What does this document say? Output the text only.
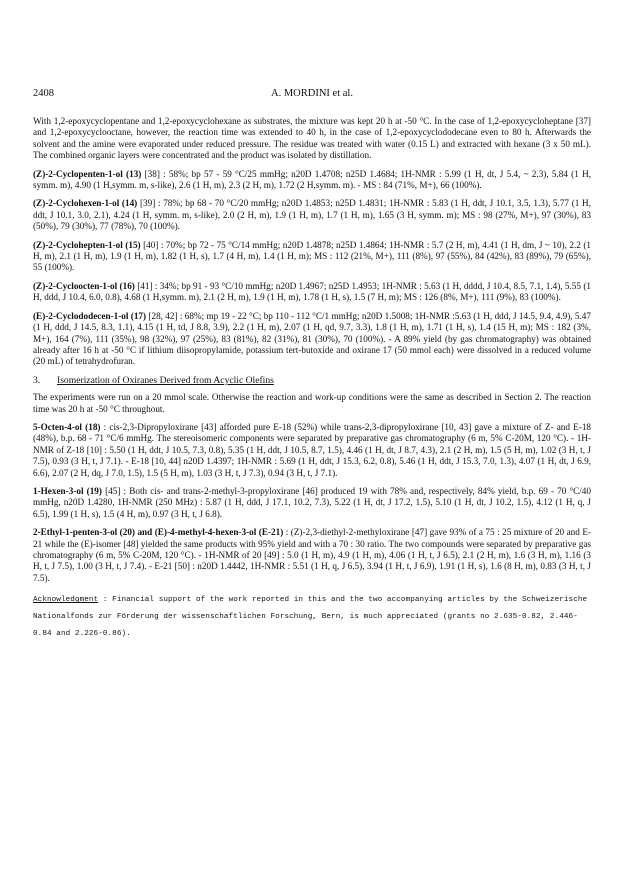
2408	A. MORDINI et al.

With 1,2-epoxycyclopentane and 1,2-epoxycyclohexane as substrates, the mixture was kept 20 h at -50 °C. In the case of 1,2-epoxycycloheptane [37] and 1,2-epoxycyclooctane, however, the reaction time was extended to 40 h, in the case of 1,2-epoxycyclododecane even to 80 h. Afterwards the solvent and the amine were evaporated under reduced pressure. The residue was treated with water (0.15 L) and extracted with hexane (3 x 50 mL). The combined organic layers were concentrated and the product was isolated by distillation.

(Z)-2-Cyclopenten-1-ol (13) [38] : 58%; bp 57 - 59 °C/25 mmHg; n20D 1.4708; n25D 1.4684; 1H-NMR : 5.99 (1 H, dt, J 5.4, ~ 2.3), 5.84 (1 H, symm. m), 4.90 (1 H,symm. m, s-like), 2.6 (1 H, m), 2.3 (2 H, m), 1.72 (2 H,symm. m). - MS : 84 (71%, M+), 66 (100%).

(Z)-2-Cyclohexen-1-ol (14) [39] : 78%; bp 68 - 70 °C/20 mmHg; n20D 1.4853; n25D 1.4831; 1H-NMR : 5.83 (1 H, ddt, J 10.1, 3.5, 1.3), 5.77 (1 H, ddt, J 10.1, 3.0, 2.1), 4.24 (1 H, symm. m, s-like), 2.0 (2 H, m), 1.9 (1 H, m), 1.7 (1 H, m), 1.65 (3 H, symm. m); MS : 98 (27%, M+), 97 (30%), 83 (50%), 79 (30%), 77 (78%), 70 (100%).

(Z)-2-Cyclohepten-1-ol (15) [40] : 70%; bp 72 - 75 °C/14 mmHg; n20D 1.4878; n25D 1.4864; 1H-NMR : 5.7 (2 H, m), 4.41 (1 H, dm, J ~ 10), 2.2 (1 H, m), 2.1 (1 H, m), 1.9 (1 H, m), 1.82 (1 H, s), 1.7 (4 H, m), 1.4 (1 H, m); MS : 112 (21%, M+), 111 (8%), 97 (55%), 84 (42%), 83 (89%), 79 (65%), 55 (100%).

(Z)-2-Cycloocten-1-ol (16) [41] : 34%; bp 91 - 93 °C/10 mmHg; n20D 1.4967; n25D 1.4953; 1H-NMR : 5.63 (1 H, dddd, J 10.4, 8.5, 7.1, 1.4), 5.55 (1 H, ddd, J 10.4, 6.0, 0.8), 4.68 (1 H,symm. m), 2.1 (2 H, m), 1.9 (1 H, m), 1.78 (1 H, s), 1.5 (7 H, m); MS : 126 (8%, M+), 111 (9%), 83 (100%).

(E)-2-Cyclododecen-1-ol (17) [28, 42] : 68%; mp 19 - 22 °C; bp 110 - 112 °C/1 mmHg; n20D 1.5008; 1H-NMR :5.63 (1 H, ddd, J 14.5, 9.4, 4.9), 5.47 (1 H, ddd, J 14.5, 8.3, 1.1), 4.15 (1 H, td, J 8.8, 3.9), 2.2 (1 H, m), 2.07 (1 H, qd, 9.7, 3.3), 1.8 (1 H, m), 1.71 (1 H, s), 1.4 (15 H, m); MS : 182 (3%, M+), 164 (7%), 111 (35%), 98 (32%), 97 (25%), 83 (81%), 82 (31%), 81 (30%), 70 (100%). - A 89% yield (by gas chromatography) was obtained already after 16 h at -50 °C if lithium diisopropylamide, potassium tert-butoxide and oxirane 17 (50 mmol each) were dissolved in a reduced volume (20 mL) of tetrahydrofuran.

3. Isomerization of Oxiranes Derived from Acyclic Olefins

The experiments were run on a 20 mmol scale. Otherwise the reaction and work-up conditions were the same as described in Section 2. The reaction time was 20 h at -50 °C throughout.

5-Octen-4-ol (18) : cis-2,3-Dipropyloxirane [43] afforded pure E-18 (52%) while trans-2,3-dipropyloxirane [10, 43] gave a mixture of Z- and E-18 (48%), b.p. 68 - 71 °C/6 mmHg. The stereoisomeric components were separated by preparative gas chromatography (6 m, 5% C-20M, 120 °C). - 1H-NMR of Z-18 [10] : 5.50 (1 H, ddt, J 10.5, 7.3, 0.8), 5.35 (1 H, ddt, J 10.5, 8.7, 1.5), 4.46 (1 H, dt, J 8.7, 4.3), 2.1 (2 H, m), 1.5 (5 H, m), 1.02 (3 H, t, J 7.5), 0.93 (3 H, t, J 7.1). - E-18 [10, 44] n20D 1.4397; 1H-NMR : 5.69 (1 H, ddt, J 15.3, 6.2, 0.8), 5.46 (1 H, ddt, J 15.3, 7.0, 1.3), 4.07 (1 H, dt, J 6.9, 6.6), 2.07 (2 H, dq, J 7.0, 1.5), 1.5 (5 H, m), 1.03 (3 H, t, J 7.3), 0.94 (3 H, t, J 7.1).

1-Hexen-3-ol (19) [45] : Both cis- and trans-2-methyl-3-propyloxirane [46] produced 19 with 78% and, respectively, 84% yield, b.p. 69 - 70 °C/40 mmHg, n20D 1.4280, 1H-NMR (250 MHz) : 5.87 (1 H, ddd, J 17.1, 10.2, 7.3), 5.22 (1 H, dt, J 17.2, 1.5), 5.10 (1 H, dt, J 10.2, 1.5), 4.12 (1 H, q, J 6.5), 1.99 (1 H, s), 1.5 (4 H, m), 0.97 (3 H, t, J 6.8).

2-Ethyl-1-penten-3-ol (20) and (E)-4-methyl-4-hexen-3-ol (E-21) : (Z)-2,3-diethyl-2-methyloxirane [47] gave 93% of a 75 : 25 mixture of 20 and E-21 while the (E)-isomer [48] yielded the same products with 95% yield and with a 70 : 30 ratio. The two compounds were separated by preparative gas chromatography (6 m, 5% C-20M, 120 °C). - 1H-NMR of 20 [49] : 5.0 (1 H, m), 4.9 (1 H, m), 4.06 (1 H, t, J 6.5), 2.1 (2 H, m), 1.6 (3 H, m), 1.16 (3 H, t, J 7.5), 1.00 (3 H, t, J 7.4). - E-21 [50] : n20D 1.4442, 1H-NMR : 5.51 (1 H, q, J 6.5), 3.94 (1 H, t, J 6.9), 1.91 (1 H, s), 1.6 (8 H, m), 0.83 (3 H, t, J 7.5).

Acknowledgment : Financial support of the work reported in this and the two accompanying articles by the Schweizerische Nationalfonds zur Förderung der wissenschaftlichen Forschung, Bern, is much appreciated (grants no 2.635-0.82, 2.446-0.84 and 2.226-0.86).
